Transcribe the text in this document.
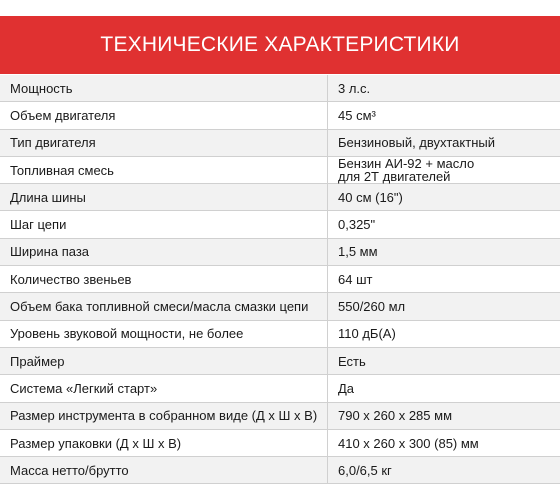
ТЕХНИЧЕСКИЕ ХАРАКТЕРИСТИКИ
Мощность	3 л.с.
Объем двигателя	45 см³
Тип двигателя	Бензиновый, двухтактный
Топливная смесь	Бензин АИ-92 + масло
для 2Т двигателей
Длина шины	40 см (16")
Шаг цепи	0,325"
Ширина паза	1,5 мм
Количество звеньев	64 шт
Объем бака топливной смеси/масла смазки цепи	550/260 мл
Уровень звуковой мощности, не более	110 дБ(А)
Праймер	Есть
Система «Легкий старт»	Да
Размер инструмента в собранном виде (Д х Ш х В)	790 х 260 х 285 мм
Размер упаковки (Д х Ш х В)	410 х 260 х 300 (85) мм
Масса нетто/брутто	6,0/6,5 кг
